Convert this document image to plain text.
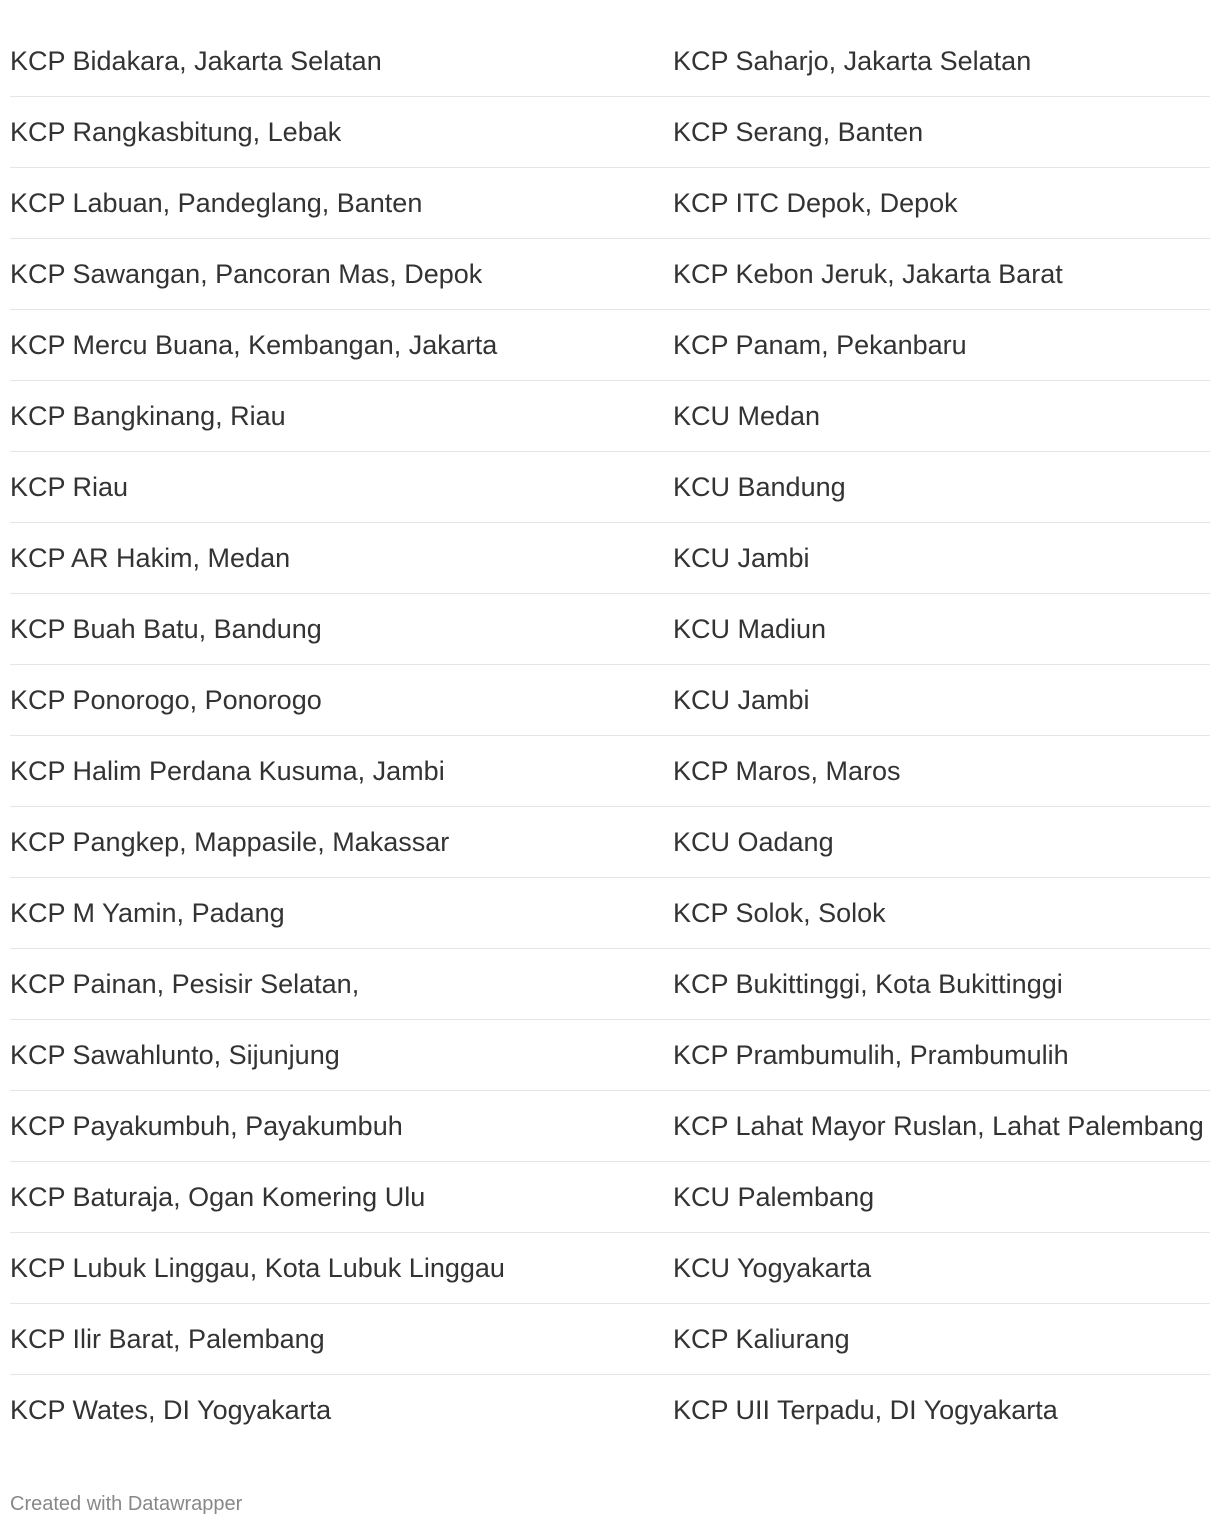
KCP Bidakara, Jakarta Selatan	KCP Saharjo, Jakarta Selatan
KCP Rangkasbitung, Lebak	KCP Serang, Banten
KCP Labuan, Pandeglang, Banten	KCP ITC Depok, Depok
KCP Sawangan, Pancoran Mas, Depok	KCP Kebon Jeruk, Jakarta Barat
KCP Mercu Buana, Kembangan, Jakarta	KCP Panam, Pekanbaru
KCP Bangkinang, Riau	KCU Medan
KCP Riau	KCU Bandung
KCP AR Hakim, Medan	KCU Jambi
KCP Buah Batu, Bandung	KCU Madiun
KCP Ponorogo, Ponorogo	KCU Jambi
KCP Halim Perdana Kusuma, Jambi	KCP Maros, Maros
KCP Pangkep, Mappasile, Makassar	KCU Oadang
KCP M Yamin, Padang	KCP Solok, Solok
KCP Painan, Pesisir Selatan,	KCP Bukittinggi, Kota Bukittinggi
KCP Sawahlunto, Sijunjung	KCP Prambumulih, Prambumulih
KCP Payakumbuh, Payakumbuh	KCP Lahat Mayor Ruslan, Lahat Palembang
KCP Baturaja, Ogan Komering Ulu	KCU Palembang
KCP Lubuk Linggau, Kota Lubuk Linggau	KCU Yogyakarta
KCP Ilir Barat, Palembang	KCP Kaliurang
KCP Wates, DI Yogyakarta	KCP UII Terpadu, DI Yogyakarta
Created with Datawrapper
